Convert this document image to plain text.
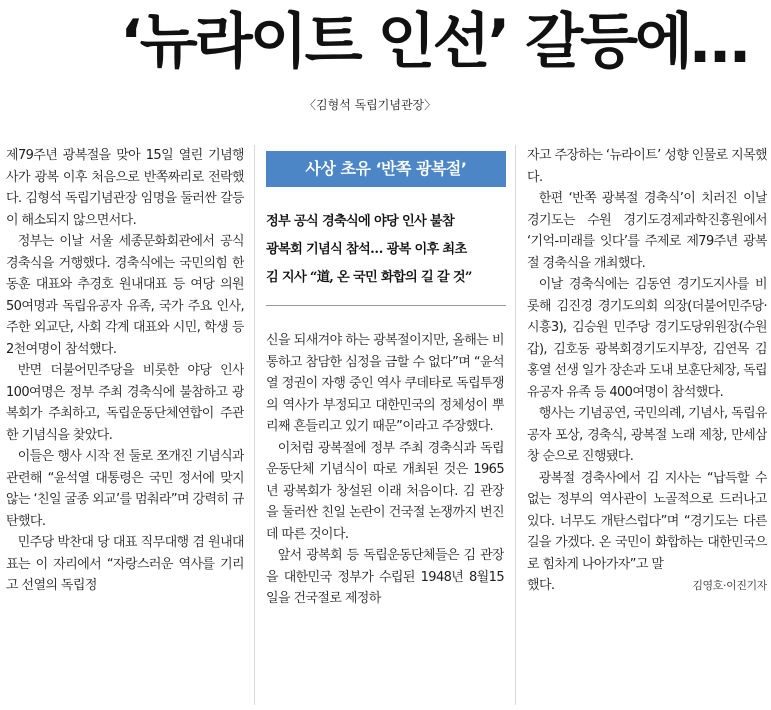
‘뉴라이트 인선’ 갈등에…
〈김형석 독립기념관장〉

제79주년 광복절을 맞아 15일 열린 기념행사가 광복 이후 처음으로 반쪽짜리로 전락했다. 김형석 독립기념관장 임명을 둘러싼 갈등이 해소되지 않으면서다.

정부는 이날 서울 세종문화회관에서 공식 경축식을 거행했다. 경축식에는 국민의힘 한동훈 대표와 추경호 원내대표 등 여당 의원 50여명과 독립유공자 유족, 국가 주요 인사, 주한 외교단, 사회 각계 대표와 시민, 학생 등 2천여명이 참석했다.

반면 더불어민주당을 비롯한 야당 인사 100여명은 정부 주최 경축식에 불참하고 광복회가 주최하고, 독립운동단체연합이 주관한 기념식을 찾았다.

이들은 행사 시작 전 둘로 쪼개진 기념식과 관련해 “윤석열 대통령은 국민 정서에 맞지 않는 ‘친일 굴종 외교’를 멈춰라”며 강력히 규탄했다.

민주당 박찬대 당 대표 직무대행 겸 원내대표는 이 자리에서 “자랑스러운 역사를 기리고 선열의 독립정

사상 초유 ‘반쪽 광복절’
정부 공식 경축식에 야당 인사 불참
광복회 기념식 참석… 광복 이후 최초
김 지사 “道, 온 국민 화합의 길 갈 것”

신을 되새겨야 하는 광복절이지만, 올해는 비통하고 참담한 심정을 금할 수 없다”며 “윤석열 정권이 자행 중인 역사 쿠데타로 독립투쟁의 역사가 부정되고 대한민국의 정체성이 뿌리째 흔들리고 있기 때문”이라고 주장했다.

이처럼 광복절에 정부 주최 경축식과 독립운동단체 기념식이 따로 개최된 것은 1965년 광복회가 창설된 이래 처음이다. 김 관장을 둘러싼 친일 논란이 건국절 논쟁까지 번진 데 따른 것이다.

앞서 광복회 등 독립운동단체들은 김 관장을 대한민국 정부가 수립된 1948년 8월15일을 건국절로 제정하

자고 주장하는 ‘뉴라이트’ 성향 인물로 지목했다.

한편 ‘반쪽 광복절 경축식’이 치러진 이날 경기도는 수원 경기도경제과학진흥원에서 ‘기억-미래를 잇다’를 주제로 제79주년 광복절 경축식을 개최했다.

이날 경축식에는 김동연 경기도지사를 비롯해 김진경 경기도의회 의장(더불어민주당·시흥3), 김승원 민주당 경기도당위원장(수원갑), 김호동 광복회경기도지부장, 김연목 김홍열 선생 일가 장손과 도내 보훈단체장, 독립유공자 유족 등 400여명이 참석했다.

행사는 기념공연, 국민의례, 기념사, 독립유공자 포상, 경축식, 광복절 노래 제창, 만세삼창 순으로 진행됐다.

광복절 경축사에서 김 지사는 “납득할 수 없는 정부의 역사관이 노골적으로 드러나고 있다. 너무도 개탄스럽다”며 “경기도는 다른 길을 가겠다. 온 국민이 화합하는 대한민국으로 힘차게 나아가자”고 말

했다.	김영호·이진기자
